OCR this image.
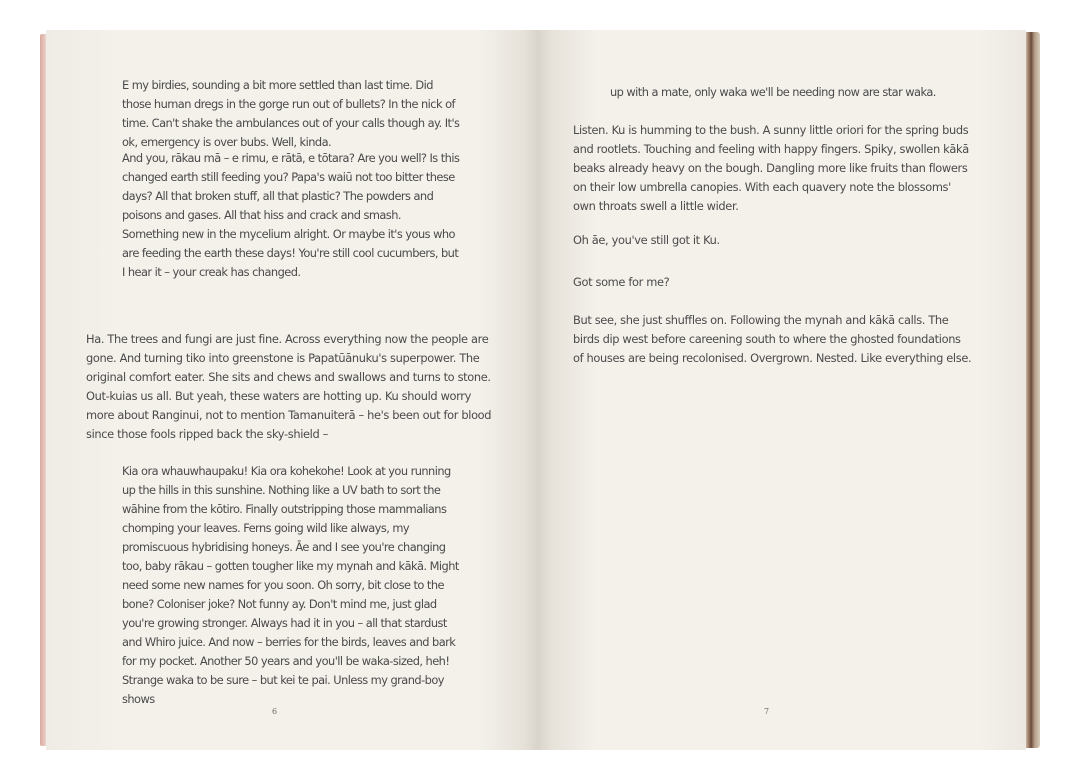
E my birdies, sounding a bit more settled than last time. Did those human dregs in the gorge run out of bullets? In the nick of time. Can't shake the ambulances out of your calls though ay. It's ok, emergency is over bubs. Well, kinda.

And you, rākau mā – e rimu, e rātā, e tōtara? Are you well? Is this changed earth still feeding you? Papa's waiū not too bitter these days? All that broken stuff, all that plastic? The powders and poisons and gases. All that hiss and crack and smash. Something new in the mycelium alright. Or maybe it's yous who are feeding the earth these days! You're still cool cucumbers, but I hear it – your creak has changed.

Ha. The trees and fungi are just fine. Across everything now the people are gone. And turning tiko into greenstone is Papatūānuku's superpower. The original comfort eater. She sits and chews and swallows and turns to stone. Out-kuias us all. But yeah, these waters are hotting up. Ku should worry more about Ranginui, not to mention Tamanuiterā – he's been out for blood since those fools ripped back the sky-shield –

Kia ora whauwhaupaku! Kia ora kohekohe! Look at you running up the hills in this sunshine. Nothing like a UV bath to sort the wāhine from the kōtiro. Finally outstripping those mammalians chomping your leaves. Ferns going wild like always, my promiscuous hybridising honeys. Āe and I see you're changing too, baby rākau – gotten tougher like my mynah and kākā. Might need some new names for you soon. Oh sorry, bit close to the bone? Coloniser joke? Not funny ay. Don't mind me, just glad you're growing stronger. Always had it in you – all that stardust and Whiro juice. And now – berries for the birds, leaves and bark for my pocket. Another 50 years and you'll be waka-sized, heh! Strange waka to be sure – but kei te pai. Unless my grand-boy shows

6

up with a mate, only waka we'll be needing now are star waka.

Listen. Ku is humming to the bush. A sunny little oriori for the spring buds and rootlets. Touching and feeling with happy fingers. Spiky, swollen kākā beaks already heavy on the bough. Dangling more like fruits than flowers on their low umbrella canopies. With each quavery note the blossoms' own throats swell a little wider.

Oh āe, you've still got it Ku.

Got some for me?

But see, she just shuffles on. Following the mynah and kākā calls. The birds dip west before careening south to where the ghosted foundations of houses are being recolonised. Overgrown. Nested. Like everything else.

7
